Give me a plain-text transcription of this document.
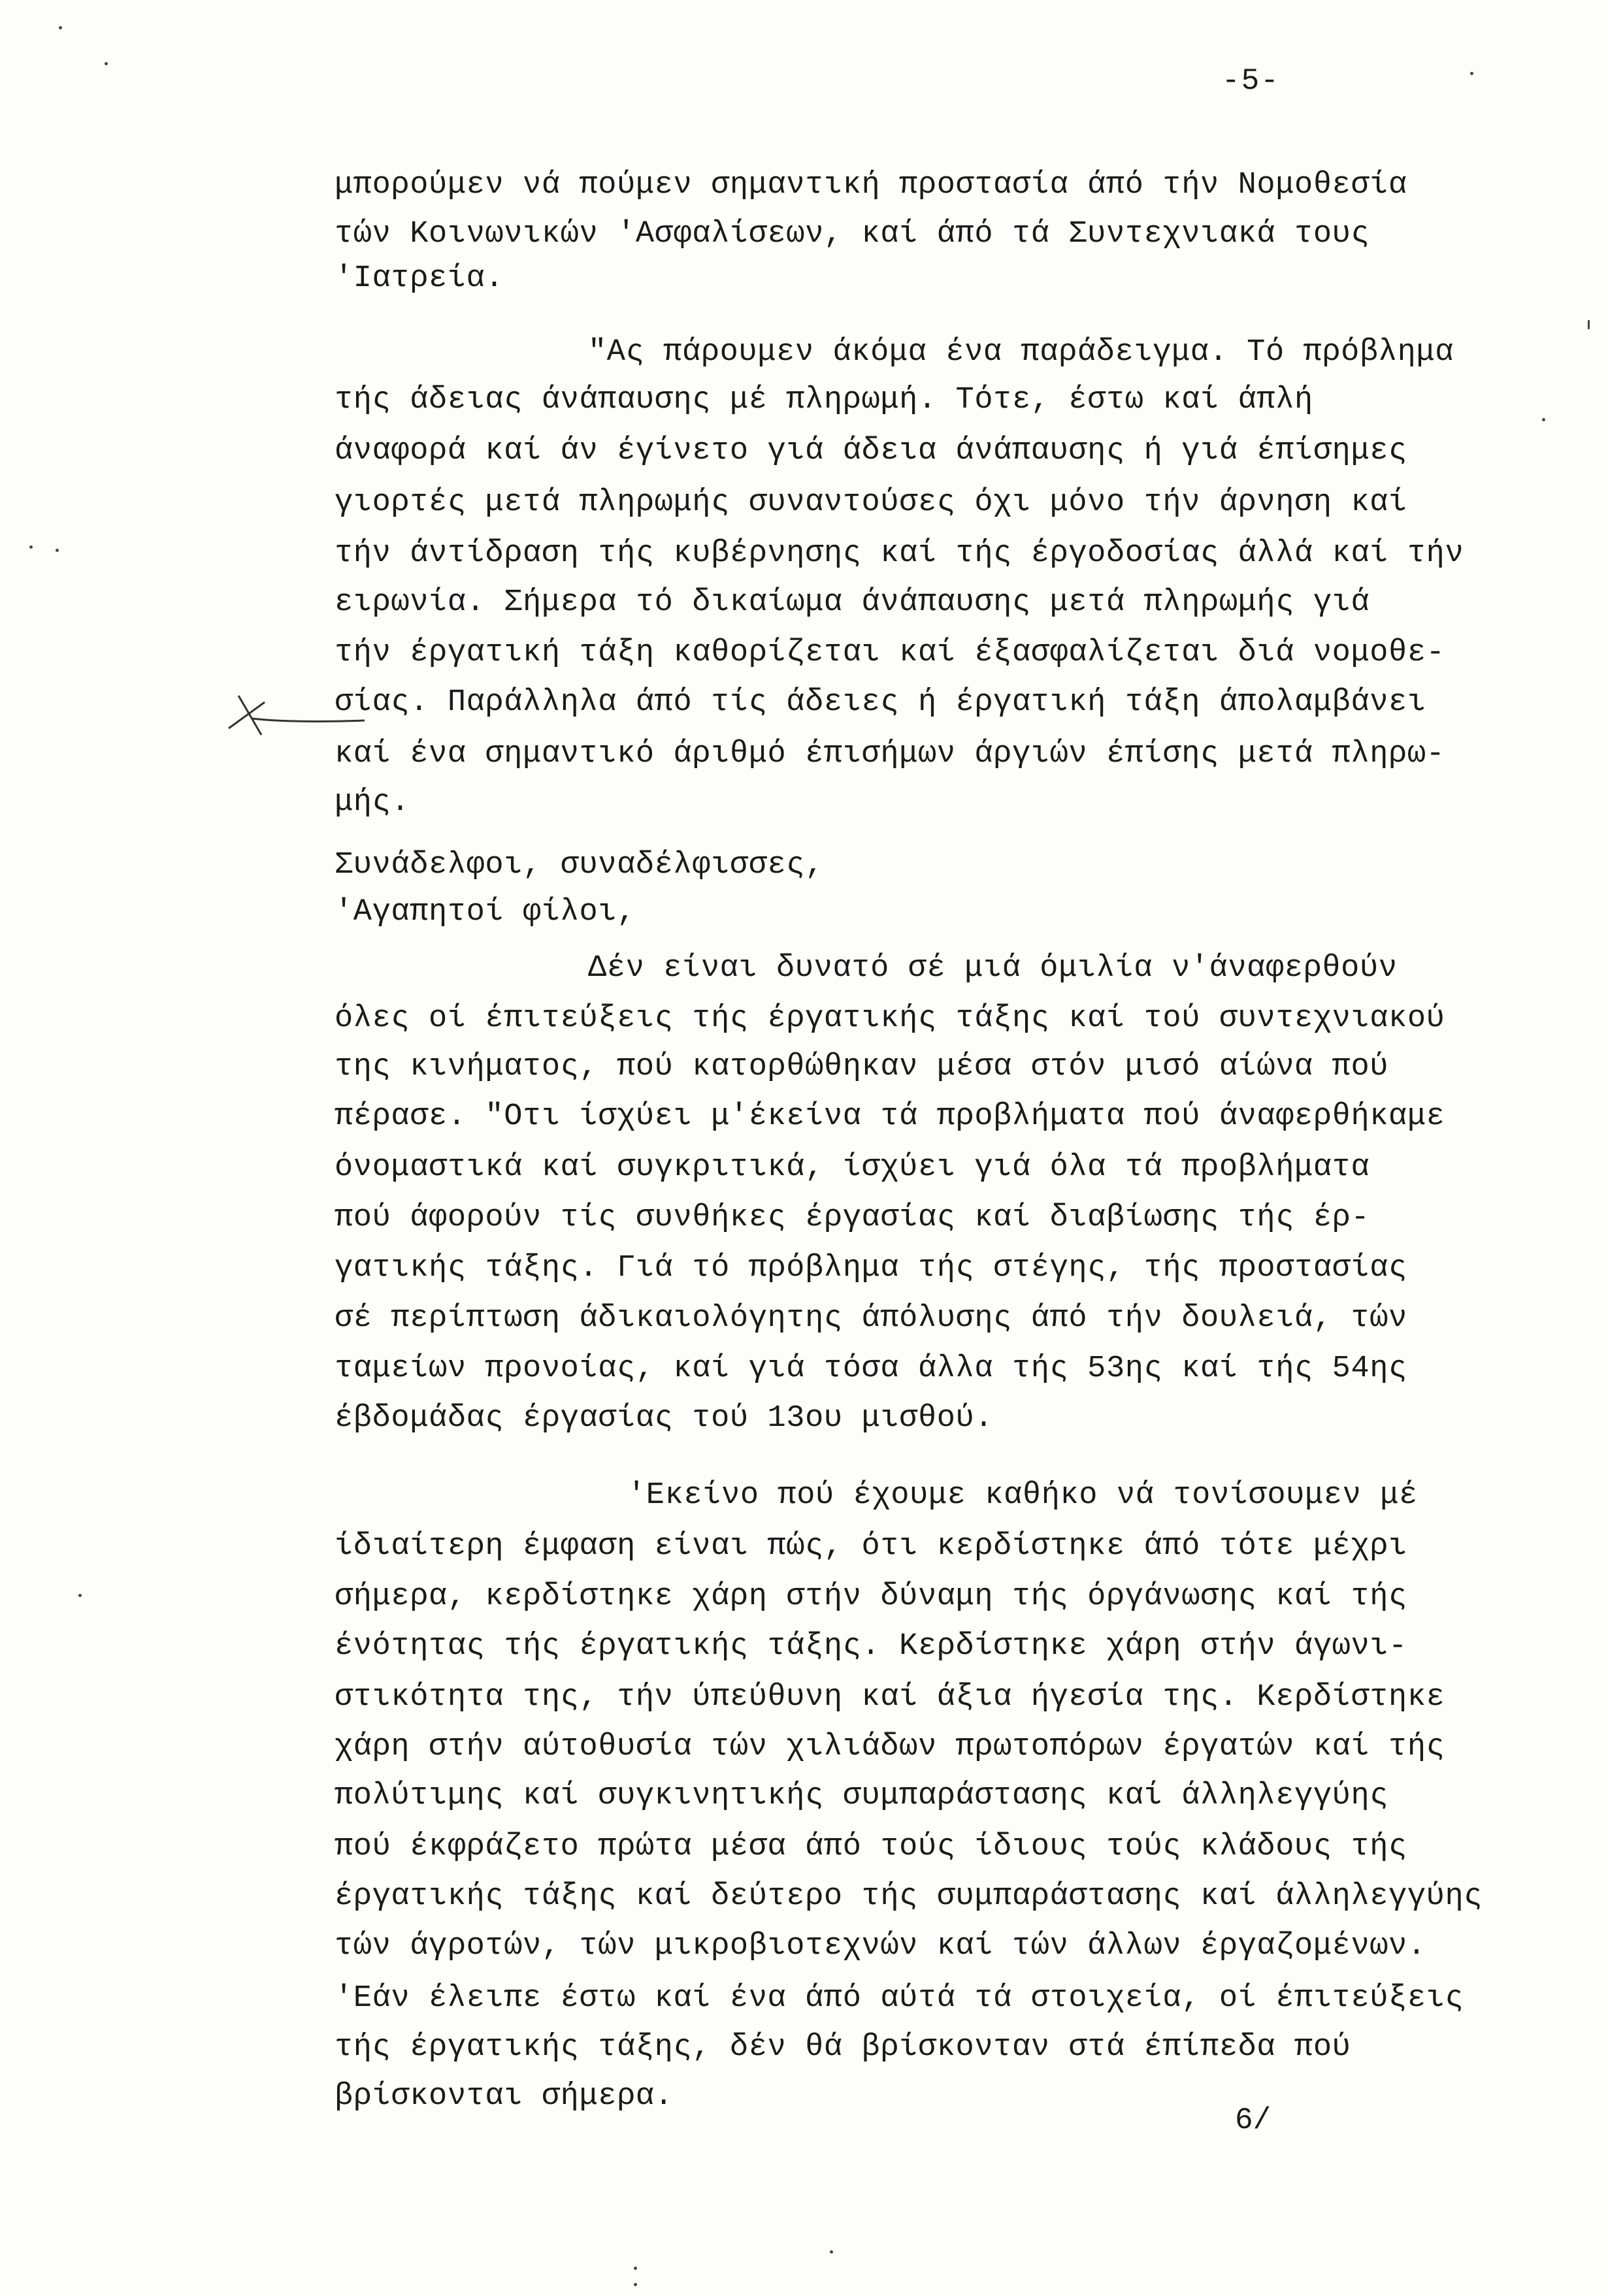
-5-
μπορούμεν νά πούμεν σημαντική προστασία άπό τήν Νομοθεσία
τών Κοινωνικών 'Ασφαλίσεων, καί άπό τά Συντεχνιακά τους
'Ιατρεία.
"Ας πάρουμεν άκόμα ένα παράδειγμα. Τό πρόβλημα
τής άδειας άνάπαυσης μέ πληρωμή. Τότε, έστω καί άπλή
άναφορά καί άν έγίνετο γιά άδεια άνάπαυσης ή γιά έπίσημες
γιορτές μετά πληρωμής συναντούσες όχι μόνο τήν άρνηση καί
τήν άντίδραση τής κυβέρνησης καί τής έργοδοσίας άλλά καί τήν
ειρωνία. Σήμερα τό δικαίωμα άνάπαυσης μετά πληρωμής γιά
τήν έργατική τάξη καθορίζεται καί έξασφαλίζεται διά νομοθε-
σίας. Παράλληλα άπό τίς άδειες ή έργατική τάξη άπολαμβάνει
καί ένα σημαντικό άριθμό έπισήμων άργιών έπίσης μετά πληρω-
μής.
Συνάδελφοι, συναδέλφισσες,
'Αγαπητοί φίλοι,
Δέν είναι δυνατό σέ μιά όμιλία ν'άναφερθούν
όλες οί έπιτεύξεις τής έργατικής τάξης καί τού συντεχνιακού
της κινήματος, πού κατορθώθηκαν μέσα στόν μισό αίώνα πού
πέρασε. "Οτι ίσχύει μ'έκείνα τά προβλήματα πού άναφερθήκαμε
όνομαστικά καί συγκριτικά, ίσχύει γιά όλα τά προβλήματα
πού άφορούν τίς συνθήκες έργασίας καί διαβίωσης τής έρ-
γατικής τάξης. Γιά τό πρόβλημα τής στέγης, τής προστασίας
σέ περίπτωση άδικαιολόγητης άπόλυσης άπό τήν δουλειά, τών
ταμείων προνοίας, καί γιά τόσα άλλα τής 53ης καί τής 54ης
έβδομάδας έργασίας τού 13ου μισθού.
'Εκείνο πού έχουμε καθήκο νά τονίσουμεν μέ
ίδιαίτερη έμφαση είναι πώς, ότι κερδίστηκε άπό τότε μέχρι
σήμερα, κερδίστηκε χάρη στήν δύναμη τής όργάνωσης καί τής
ένότητας τής έργατικής τάξης. Κερδίστηκε χάρη στήν άγωνι-
στικότητα της, τήν ύπεύθυνη καί άξια ήγεσία της. Κερδίστηκε
χάρη στήν αύτοθυσία τών χιλιάδων πρωτοπόρων έργατών καί τής
πολύτιμης καί συγκινητικής συμπαράστασης καί άλληλεγγύης
πού έκφράζετο πρώτα μέσα άπό τούς ίδιους τούς κλάδους τής
έργατικής τάξης καί δεύτερο τής συμπαράστασης καί άλληλεγγύης
τών άγροτών, τών μικροβιοτεχνών καί τών άλλων έργαζομένων.
'Εάν έλειπε έστω καί ένα άπό αύτά τά στοιχεία, οί έπιτεύξεις
τής έργατικής τάξης, δέν θά βρίσκονταν στά έπίπεδα πού
βρίσκονται σήμερα.
6/
